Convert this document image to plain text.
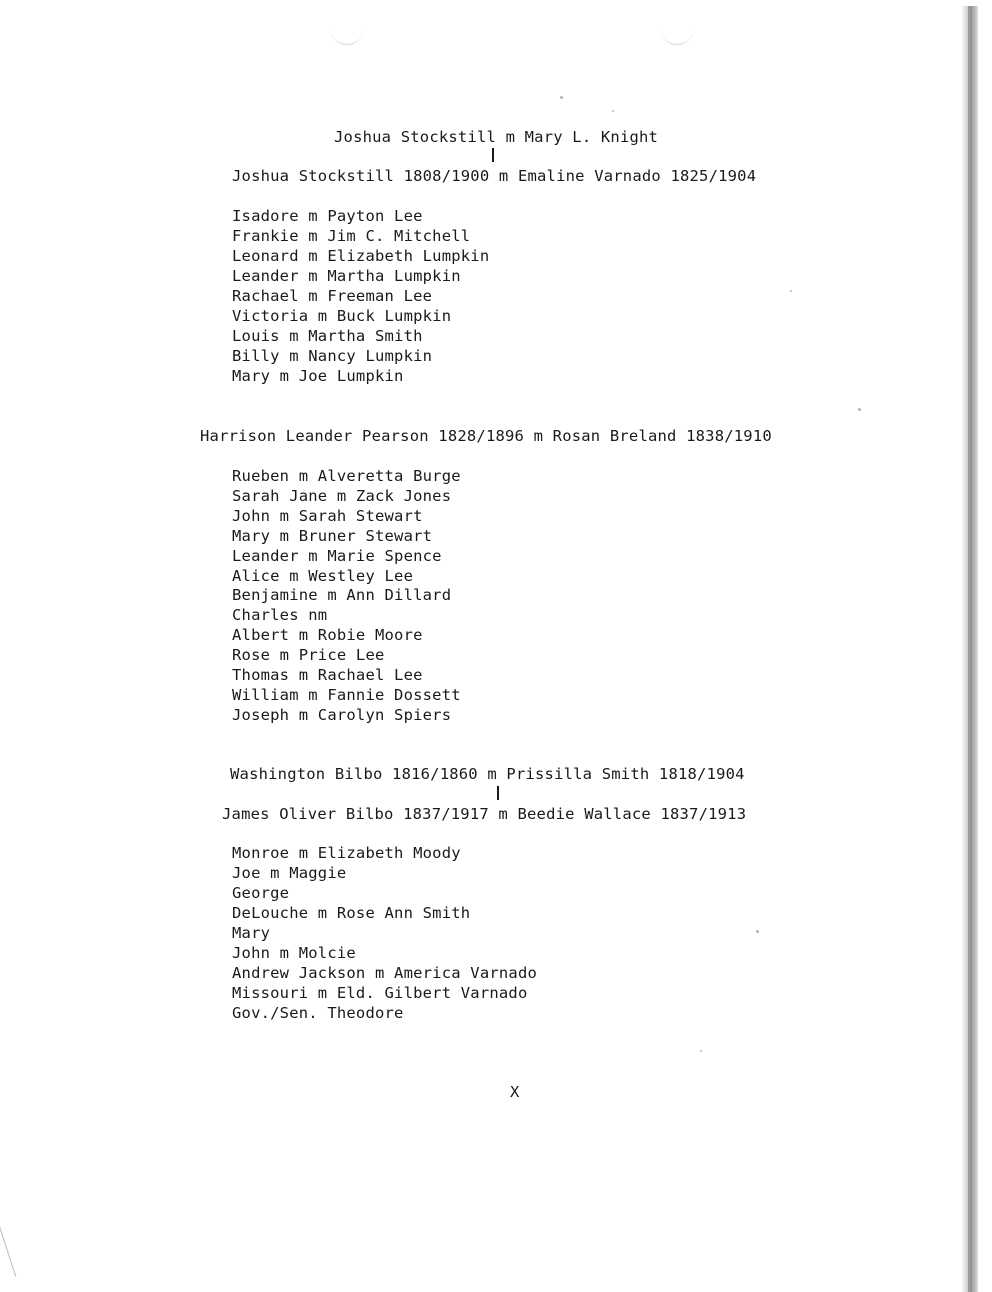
Joshua Stockstill m Mary L. Knight
Joshua Stockstill 1808/1900 m Emaline Varnado 1825/1904
Isadore m Payton Lee
Frankie m Jim C. Mitchell
Leonard m Elizabeth Lumpkin
Leander m Martha Lumpkin
Rachael m Freeman Lee
Victoria m Buck Lumpkin
Louis m Martha Smith
Billy m Nancy Lumpkin
Mary m Joe Lumpkin
Harrison Leander Pearson 1828/1896 m Rosan Breland 1838/1910
Rueben m Alveretta Burge
Sarah Jane m Zack Jones
John m Sarah Stewart
Mary m Bruner Stewart
Leander m Marie Spence
Alice m Westley Lee
Benjamine m Ann Dillard
Charles nm
Albert m Robie Moore
Rose m Price Lee
Thomas m Rachael Lee
William m Fannie Dossett
Joseph m Carolyn Spiers
Washington Bilbo 1816/1860 m Prissilla Smith 1818/1904
James Oliver Bilbo 1837/1917 m Beedie Wallace 1837/1913
Monroe m Elizabeth Moody
Joe m Maggie
George
DeLouche m Rose Ann Smith
Mary
John m Molcie
Andrew Jackson m America Varnado
Missouri m Eld. Gilbert Varnado
Gov./Sen. Theodore
X
